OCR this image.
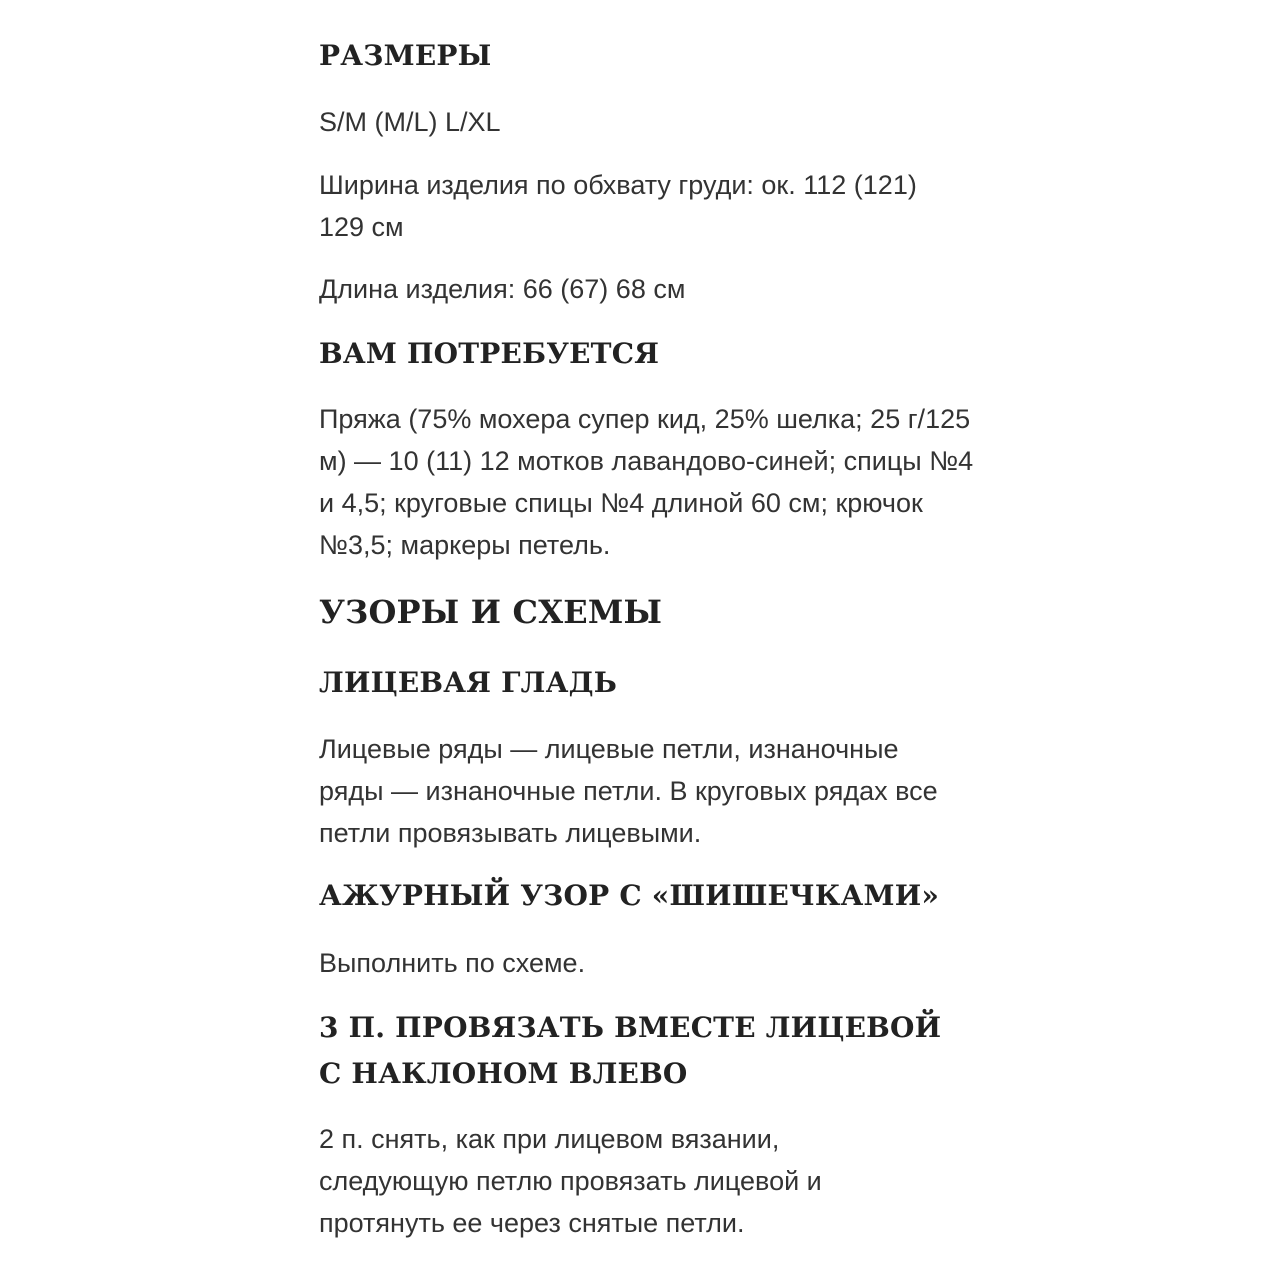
РАЗМЕРЫ
S/M (M/L) L/XL
Ширина изделия по обхвату груди: ок. 112 (121) 129 см
Длина изделия: 66 (67) 68 см
ВАМ ПОТРЕБУЕТСЯ
Пряжа (75% мохера супер кид, 25% шелка; 25 г/125 м) — 10 (11) 12 мотков лавандово-синей; спицы №4 и 4,5; круговые спицы №4 длиной 60 см; крючок №3,5; маркеры петель.
УЗОРЫ И СХЕМЫ
ЛИЦЕВАЯ ГЛАДЬ
Лицевые ряды — лицевые петли, изнаночные ряды — изнаночные петли. В круговых рядах все петли провязывать лицевыми.
АЖУРНЫЙ УЗОР С «ШИШЕЧКАМИ»
Выполнить по схеме.
3 П. ПРОВЯЗАТЬ ВМЕСТЕ ЛИЦЕВОЙ С НАКЛОНОМ ВЛЕВО
2 п. снять, как при лицевом вязании, следующую петлю провязать лицевой и протянуть ее через снятые петли.
